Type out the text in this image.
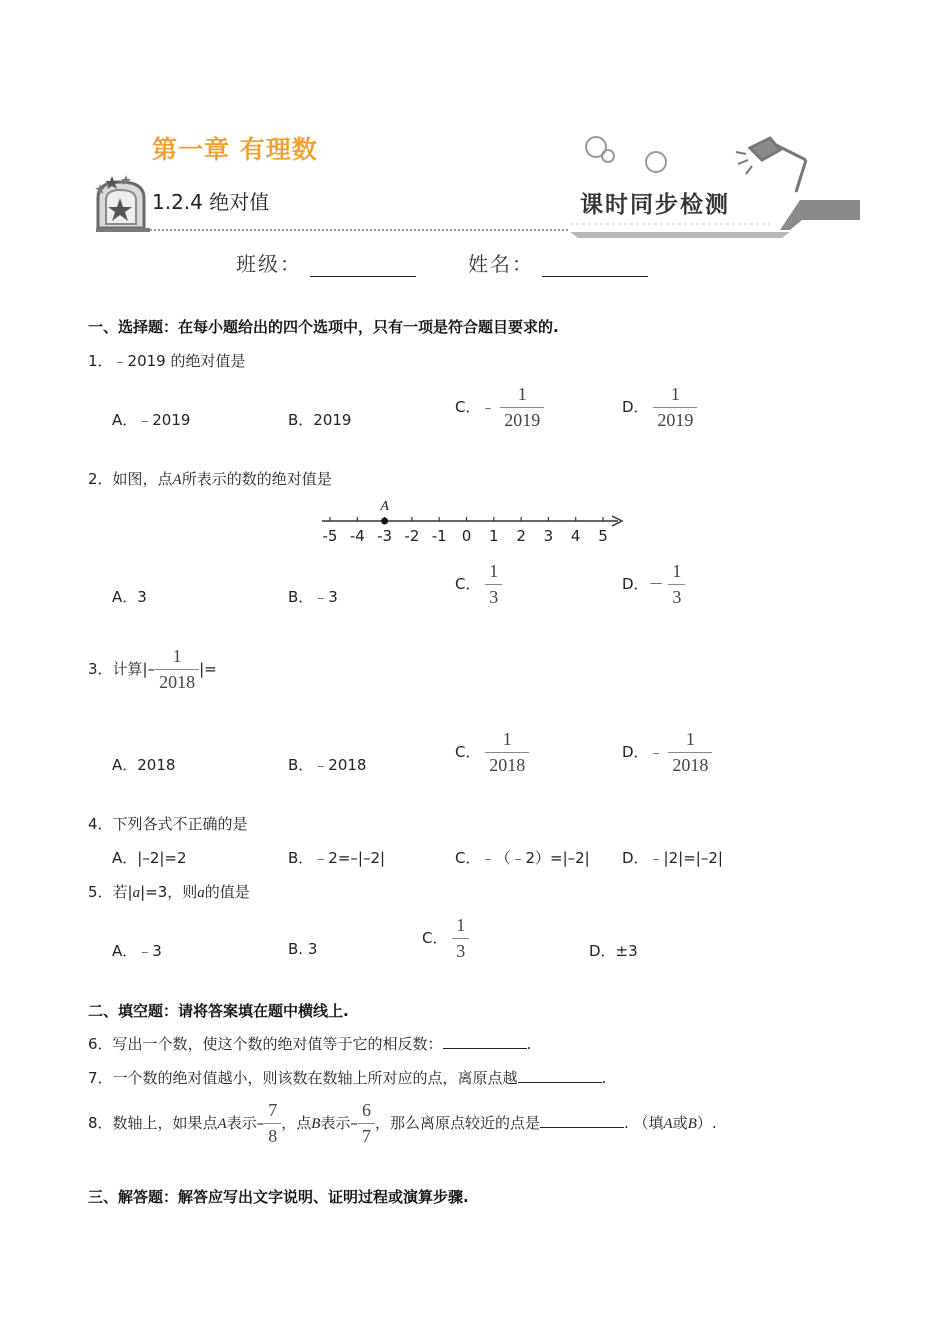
第一章 有理数
1.2.4 绝对值	课时同步检测
班级：	姓名：
一、选择题：在每小题给出的四个选项中，只有一项是符合题目要求的.
1．﹣2019 的绝对值是
A．﹣2019	B．2019
C．﹣ $\frac{1}{2019}$	D． $\frac{1}{2019}$
2．如图，点A所表示的数的绝对值是
-5 -4 -3 -2 -1 0 1 2 3 4 5
A
A．3	B．﹣3
C． $\frac{1}{3}$	D．－ $\frac{1}{3}$
3．计算|– $\frac{1}{2018}$ |=
A．2018	B．﹣2018
C． $\frac{1}{2018}$	D．﹣ $\frac{1}{2018}$
4．下列各式不正确的是
A．|–2|=2	B．﹣2=–|–2|	C．﹣（﹣2）=|–2| D．﹣|2|=|–2|
5．若|a|=3，则a的值是
A．﹣3	B. 3
C． $\frac{1}{3}$	D．±3
二、填空题：请将答案填在题中横线上.
6．写出一个数，使这个数的绝对值等于它的相反数：	.
7．一个数的绝对值越小，则该数在数轴上所对应的点，离原点越	.
8．数轴上，如果点A表示– $\frac{7}{8}$ ，点B表示– $\frac{6}{7}$ ，那么离原点较近的点是	. （填A或B）.
三、解答题：解答应写出文字说明、证明过程或演算步骤.
